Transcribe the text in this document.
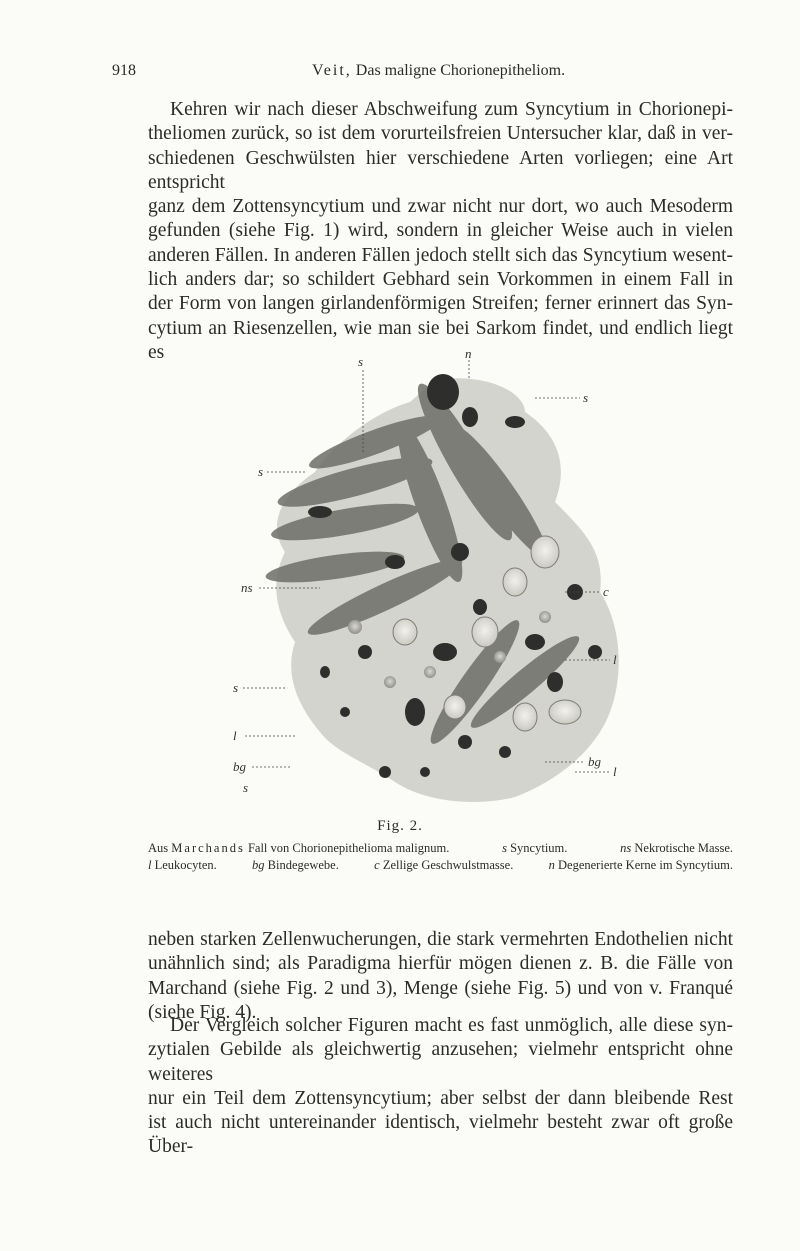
918	Veit, Das maligne Chorionepitheliom.
Kehren wir nach dieser Abschweifung zum Syncytium in Chorionepi-
theliomen zurück, so ist dem vorurteilsfreien Untersucher klar, daß in ver-
schiedenen Geschwülsten hier verschiedene Arten vorliegen; eine Art entspricht
ganz dem Zottensyncytium und zwar nicht nur dort, wo auch Mesoderm
gefunden (siehe Fig. 1) wird, sondern in gleicher Weise auch in vielen
anderen Fällen. In anderen Fällen jedoch stellt sich das Syncytium wesent-
lich anders dar; so schildert Gebhard sein Vorkommen in einem Fall in
der Form von langen girlandenförmigen Streifen; ferner erinnert das Syn-
cytium an Riesenzellen, wie man sie bei Sarkom findet, und endlich liegt es	n
s
s
s
ns	c
l
s
l
bg
bg	l
s
Fig. 2.
Aus Marchands Fall von Chorionepithelioma malignum.	s Syncytium.	ns Nekrotische Masse.
l Leukocyten.	bg Bindegewebe.	c Zellige Geschwulstmasse.	n Degenerierte Kerne im Syncytium.
neben starken Zellenwucherungen, die stark vermehrten Endothelien nicht
unähnlich sind; als Paradigma hierfür mögen dienen z. B. die Fälle von
Marchand (siehe Fig. 2 und 3), Menge (siehe Fig. 5) und von v. Franqué
(siehe Fig. 4).
Der Vergleich solcher Figuren macht es fast unmöglich, alle diese syn-
zytialen Gebilde als gleichwertig anzusehen; vielmehr entspricht ohne weiteres
nur ein Teil dem Zottensyncytium; aber selbst der dann bleibende Rest
ist auch nicht untereinander identisch, vielmehr besteht zwar oft große Über-
